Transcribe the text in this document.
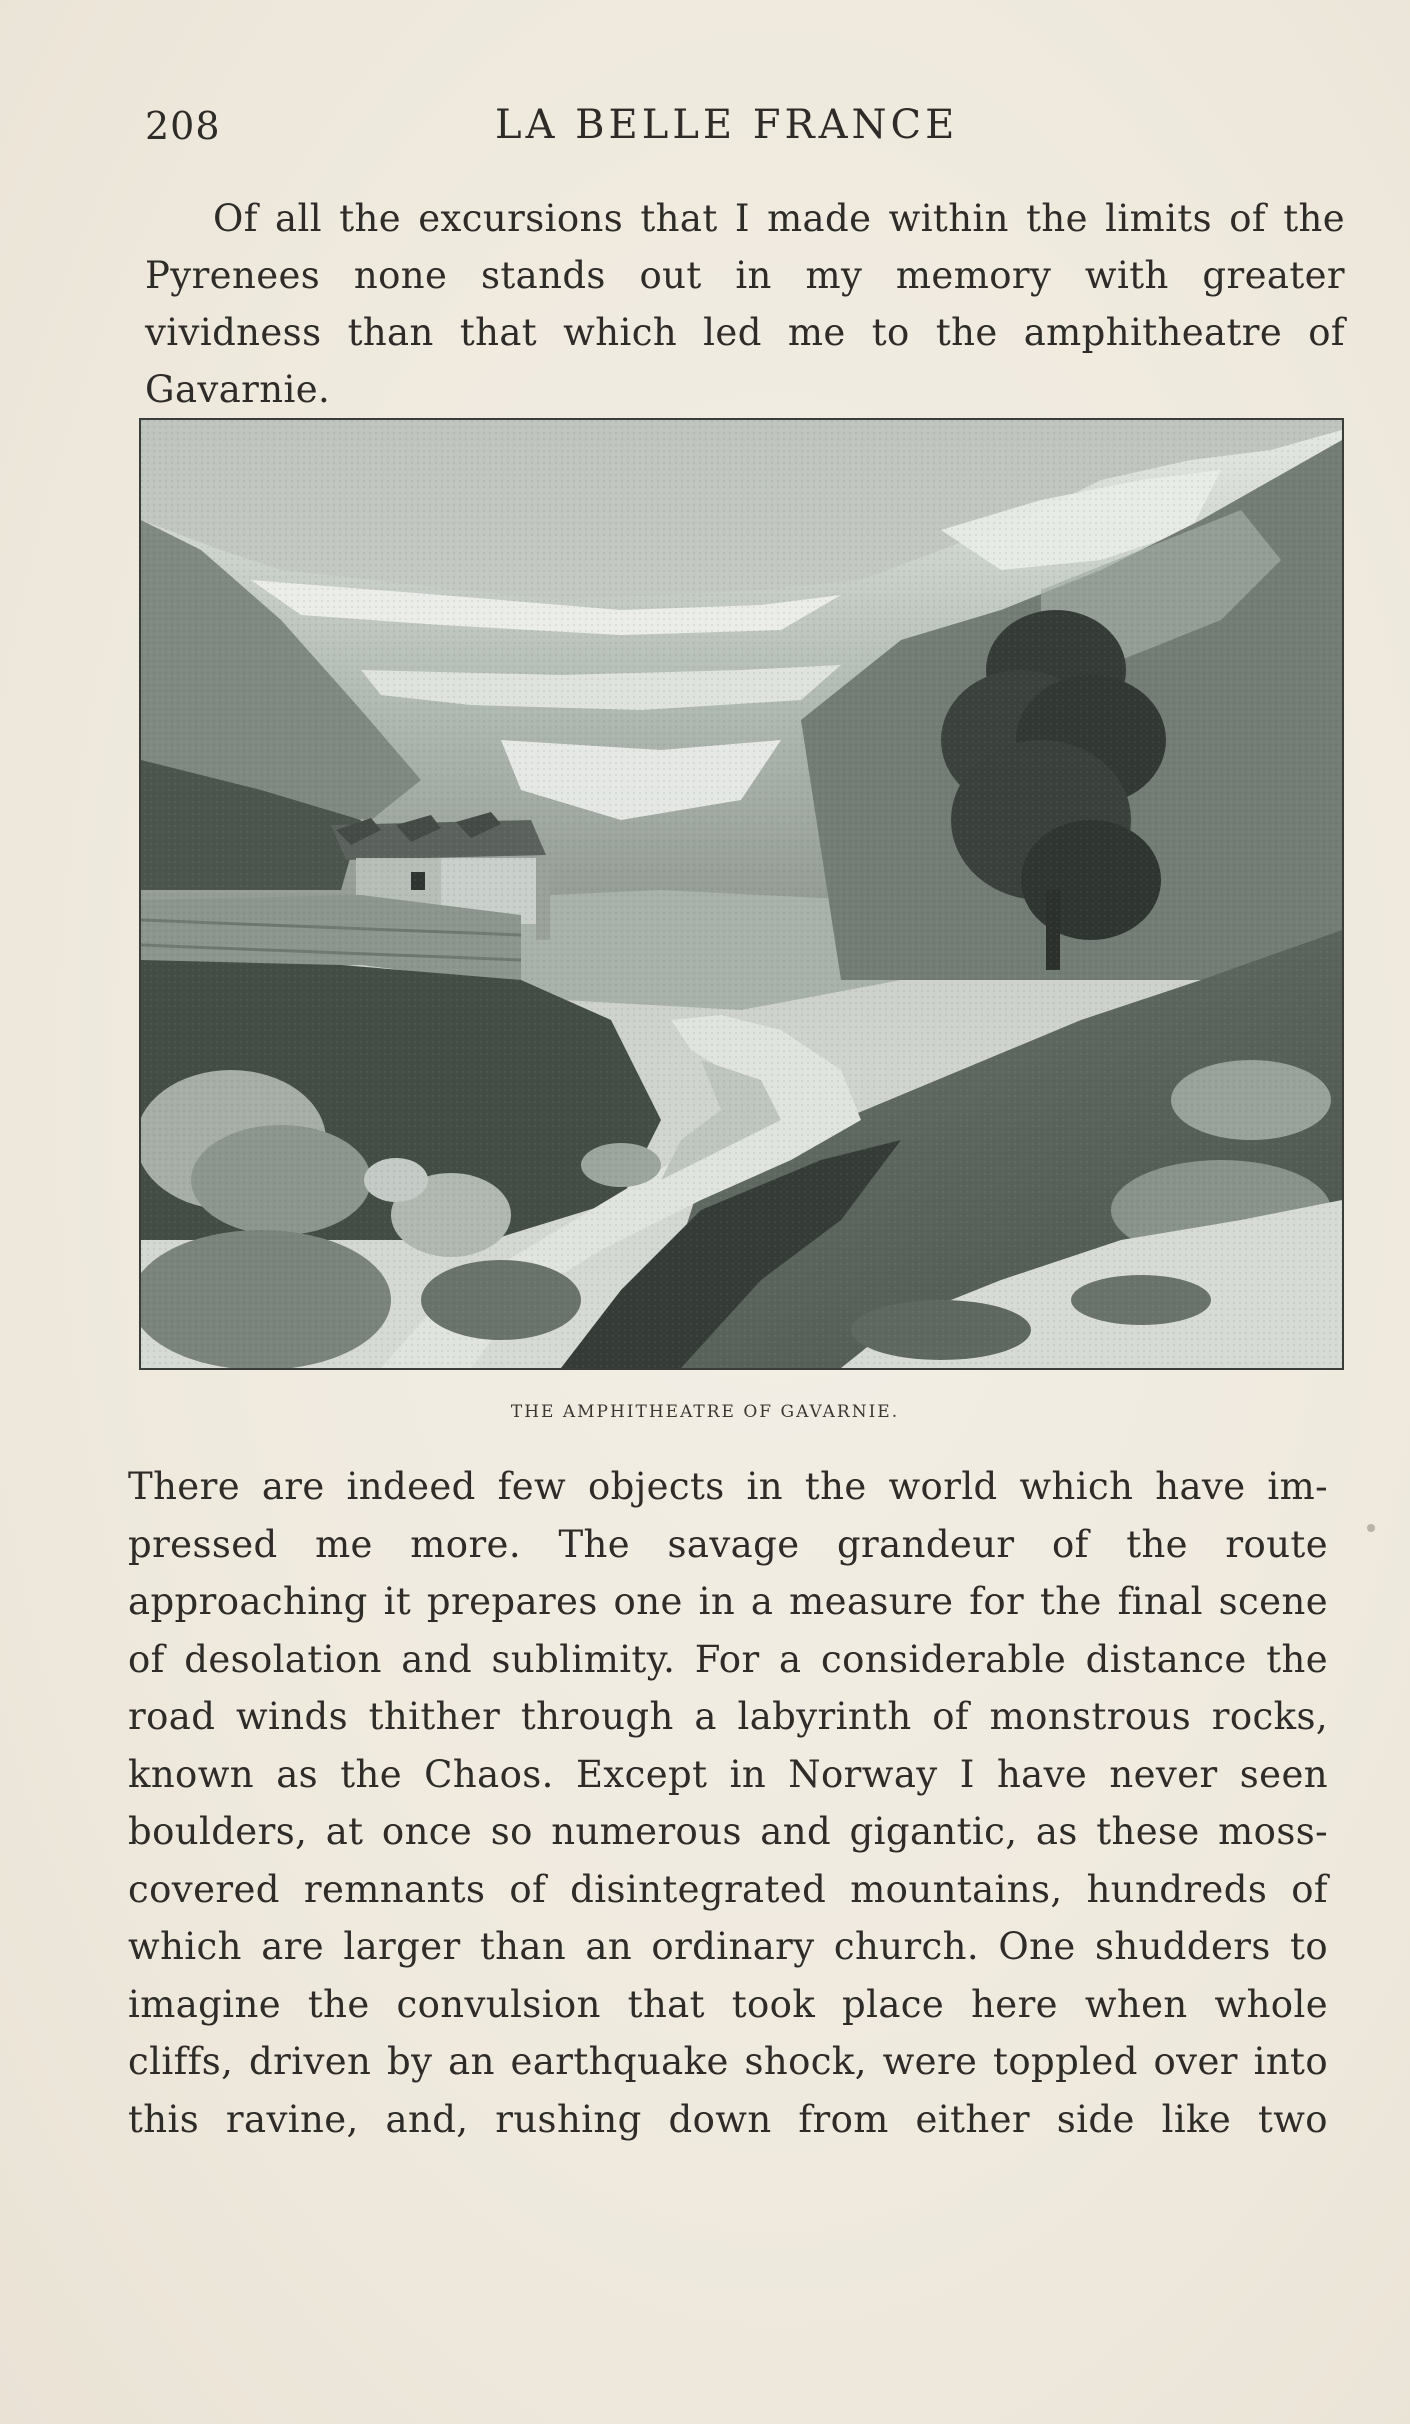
208	LA BELLE FRANCE

Of all the excursions that I made within the limits of the Pyrenees none stands out in my memory with greater vividness than that which led me to the amphitheatre of Gavarnie.

THE AMPHITHEATRE OF GAVARNIE.
There are indeed few objects in the world which have im-
pressed me more. The savage grandeur of the route
approaching it prepares one in a measure for the final scene
of desolation and sublimity. For a considerable distance the
road winds thither through a labyrinth of monstrous rocks,
known as the Chaos. Except in Norway I have never seen
boulders, at once so numerous and gigantic, as these moss-
covered remnants of disintegrated mountains, hundreds of
which are larger than an ordinary church. One shudders to
imagine the convulsion that took place here when whole
cliffs, driven by an earthquake shock, were toppled over into
this ravine, and, rushing down from either side like two
